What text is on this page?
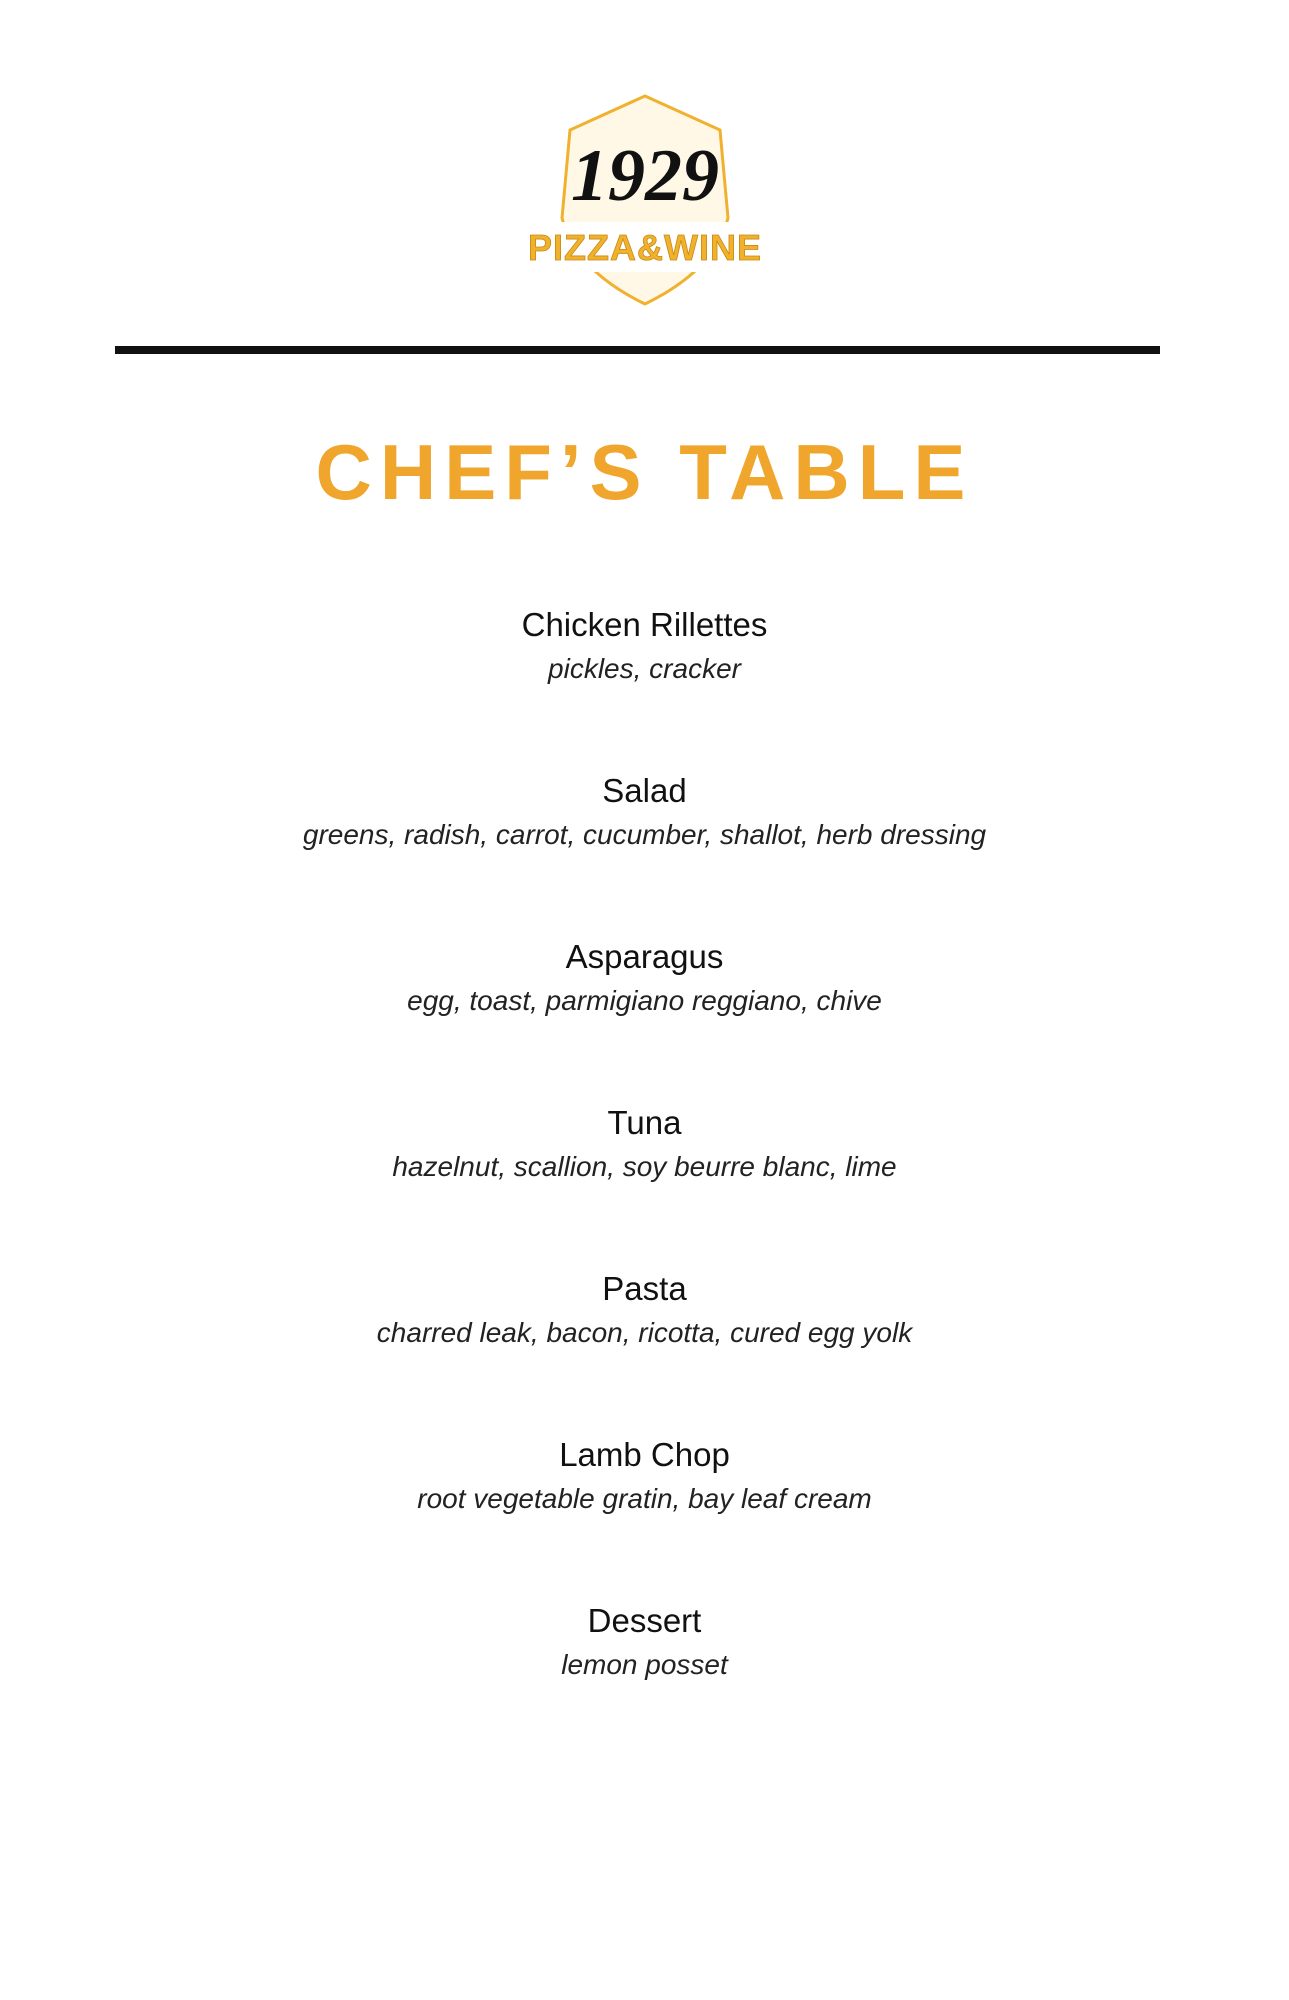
1929
PIZZA&WINE
CHEF’S TABLE
Chicken Rillettes
pickles, cracker
Salad
greens, radish, carrot, cucumber, shallot, herb dressing
Asparagus
egg, toast, parmigiano reggiano, chive
Tuna
hazelnut, scallion, soy beurre blanc, lime
Pasta
charred leak, bacon, ricotta, cured egg yolk
Lamb Chop
root vegetable gratin, bay leaf cream
Dessert
lemon posset
